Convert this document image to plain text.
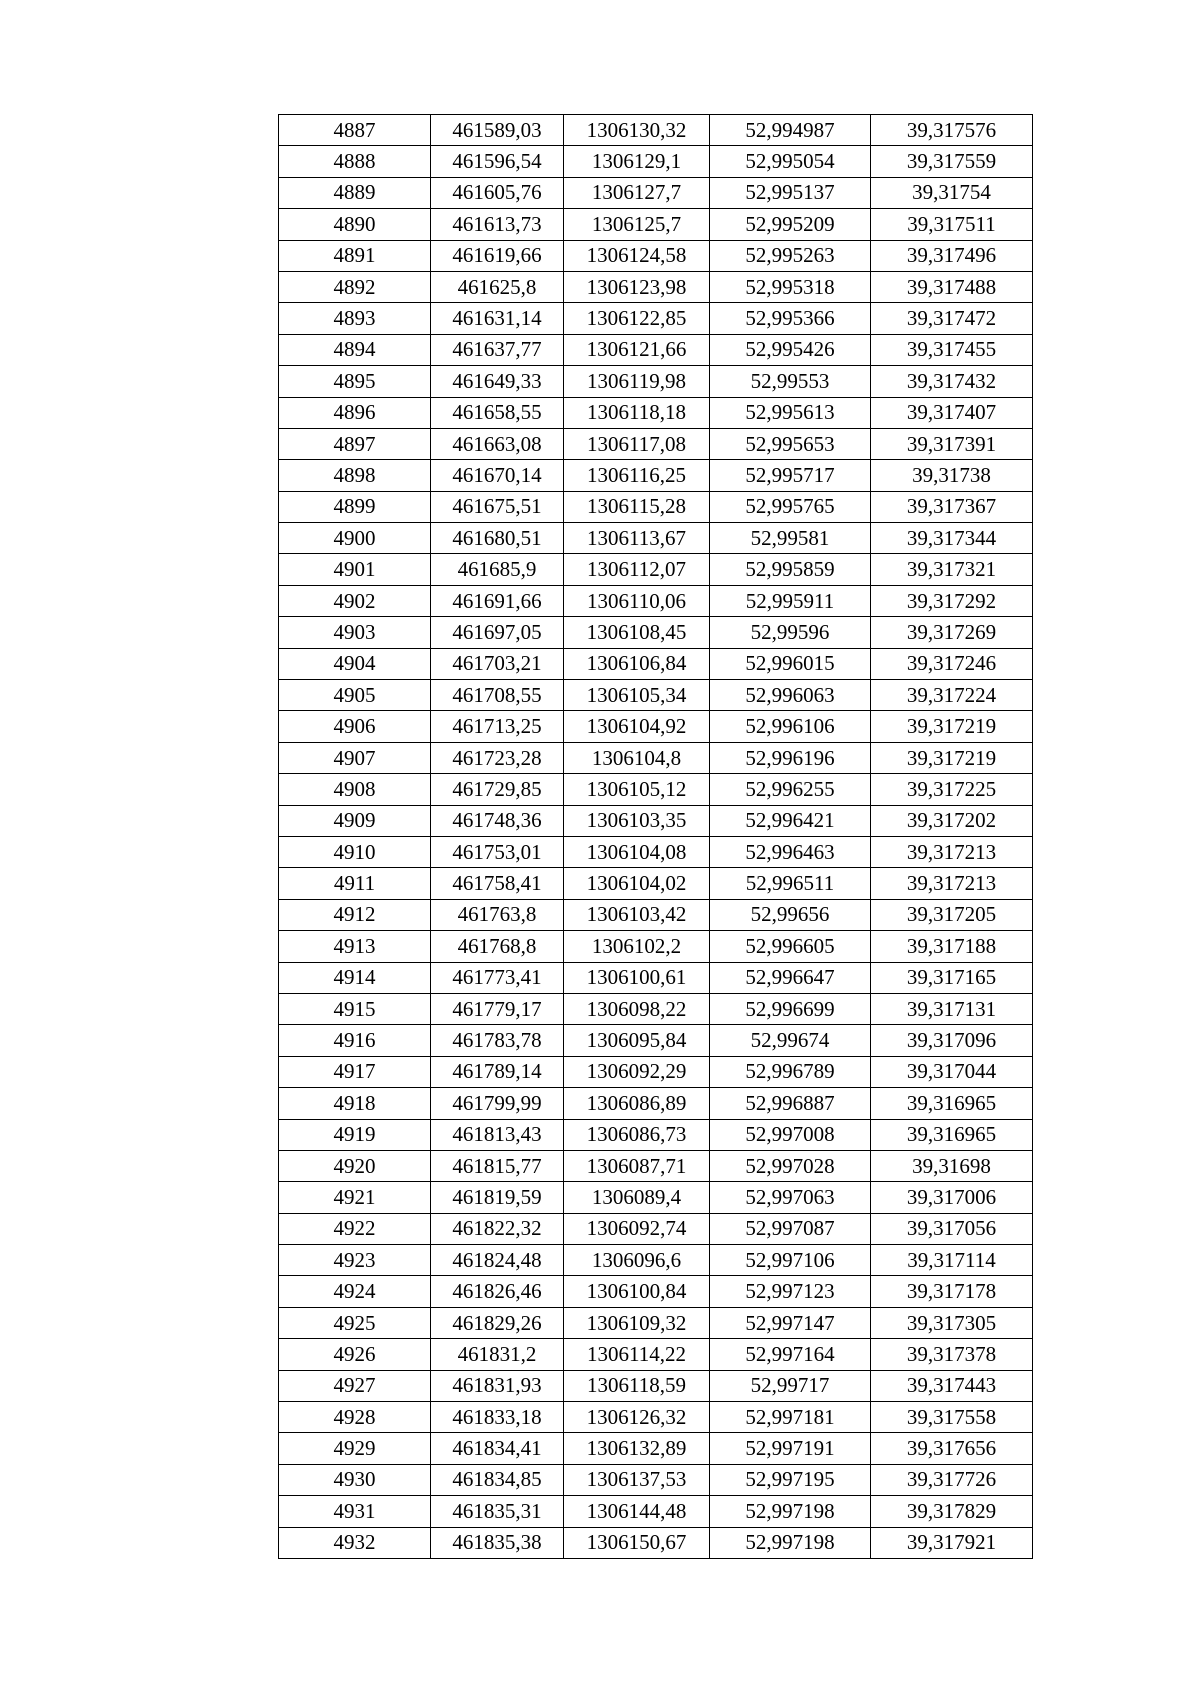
4887	461589,03	1306130,32	52,994987	39,317576
4888	461596,54	1306129,1	52,995054	39,317559
4889	461605,76	1306127,7	52,995137	39,31754
4890	461613,73	1306125,7	52,995209	39,317511
4891	461619,66	1306124,58	52,995263	39,317496
4892	461625,8	1306123,98	52,995318	39,317488
4893	461631,14	1306122,85	52,995366	39,317472
4894	461637,77	1306121,66	52,995426	39,317455
4895	461649,33	1306119,98	52,99553	39,317432
4896	461658,55	1306118,18	52,995613	39,317407
4897	461663,08	1306117,08	52,995653	39,317391
4898	461670,14	1306116,25	52,995717	39,31738
4899	461675,51	1306115,28	52,995765	39,317367
4900	461680,51	1306113,67	52,99581	39,317344
4901	461685,9	1306112,07	52,995859	39,317321
4902	461691,66	1306110,06	52,995911	39,317292
4903	461697,05	1306108,45	52,99596	39,317269
4904	461703,21	1306106,84	52,996015	39,317246
4905	461708,55	1306105,34	52,996063	39,317224
4906	461713,25	1306104,92	52,996106	39,317219
4907	461723,28	1306104,8	52,996196	39,317219
4908	461729,85	1306105,12	52,996255	39,317225
4909	461748,36	1306103,35	52,996421	39,317202
4910	461753,01	1306104,08	52,996463	39,317213
4911	461758,41	1306104,02	52,996511	39,317213
4912	461763,8	1306103,42	52,99656	39,317205
4913	461768,8	1306102,2	52,996605	39,317188
4914	461773,41	1306100,61	52,996647	39,317165
4915	461779,17	1306098,22	52,996699	39,317131
4916	461783,78	1306095,84	52,99674	39,317096
4917	461789,14	1306092,29	52,996789	39,317044
4918	461799,99	1306086,89	52,996887	39,316965
4919	461813,43	1306086,73	52,997008	39,316965
4920	461815,77	1306087,71	52,997028	39,31698
4921	461819,59	1306089,4	52,997063	39,317006
4922	461822,32	1306092,74	52,997087	39,317056
4923	461824,48	1306096,6	52,997106	39,317114
4924	461826,46	1306100,84	52,997123	39,317178
4925	461829,26	1306109,32	52,997147	39,317305
4926	461831,2	1306114,22	52,997164	39,317378
4927	461831,93	1306118,59	52,99717	39,317443
4928	461833,18	1306126,32	52,997181	39,317558
4929	461834,41	1306132,89	52,997191	39,317656
4930	461834,85	1306137,53	52,997195	39,317726
4931	461835,31	1306144,48	52,997198	39,317829
4932	461835,38	1306150,67	52,997198	39,317921
